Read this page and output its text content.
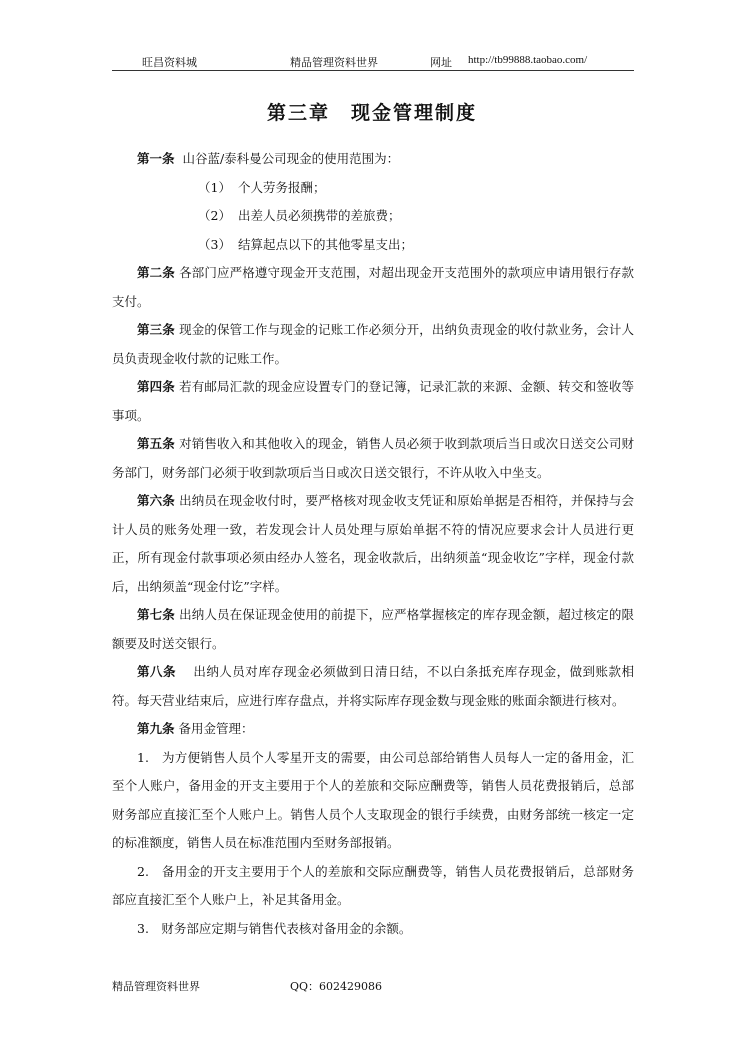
旺昌资料城	精品管理资料世界	网址 http://tb99888.taobao.com/
第三章　现金管理制度

第一条 山谷蓝/泰科曼公司现金的使用范围为：

（1） 个人劳务报酬；

（2） 出差人员必须携带的差旅费；

（3） 结算起点以下的其他零星支出；

第二条 各部门应严格遵守现金开支范围，对超出现金开支范围外的款项应申请用银行存款支付。

第三条 现金的保管工作与现金的记账工作必须分开，出纳负责现金的收付款业务，会计人员负责现金收付款的记账工作。

第四条 若有邮局汇款的现金应设置专门的登记簿，记录汇款的来源、金额、转交和签收等事项。

第五条 对销售收入和其他收入的现金，销售人员必须于收到款项后当日或次日送交公司财务部门，财务部门必须于收到款项后当日或次日送交银行，不许从收入中坐支。

第六条 出纳员在现金收付时，要严格核对现金收支凭证和原始单据是否相符，并保持与会计人员的账务处理一致，若发现会计人员处理与原始单据不符的情况应要求会计人员进行更正，所有现金付款事项必须由经办人签名，现金收款后，出纳须盖“现金收讫”字样，现金付款后，出纳须盖“现金付讫”字样。

第七条 出纳人员在保证现金使用的前提下，应严格掌握核定的库存现金额，超过核定的限额要及时送交银行。

第八条 　出纳人员对库存现金必须做到日清日结，不以白条抵充库存现金，做到账款相符。每天营业结束后，应进行库存盘点，并将实际库存现金数与现金账的账面余额进行核对。

第九条 备用金管理：

1.　为方便销售人员个人零星开支的需要，由公司总部给销售人员每人一定的备用金，汇至个人账户，备用金的开支主要用于个人的差旅和交际应酬费等，销售人员花费报销后，总部财务部应直接汇至个人账户上。销售人员个人支取现金的银行手续费，由财务部统一核定一定的标准额度，销售人员在标准范围内至财务部报销。

2.　备用金的开支主要用于个人的差旅和交际应酬费等，销售人员花费报销后，总部财务部应直接汇至个人账户上，补足其备用金。

3.　财务部应定期与销售代表核对备用金的余额。

精品管理资料世界	QQ：602429086
